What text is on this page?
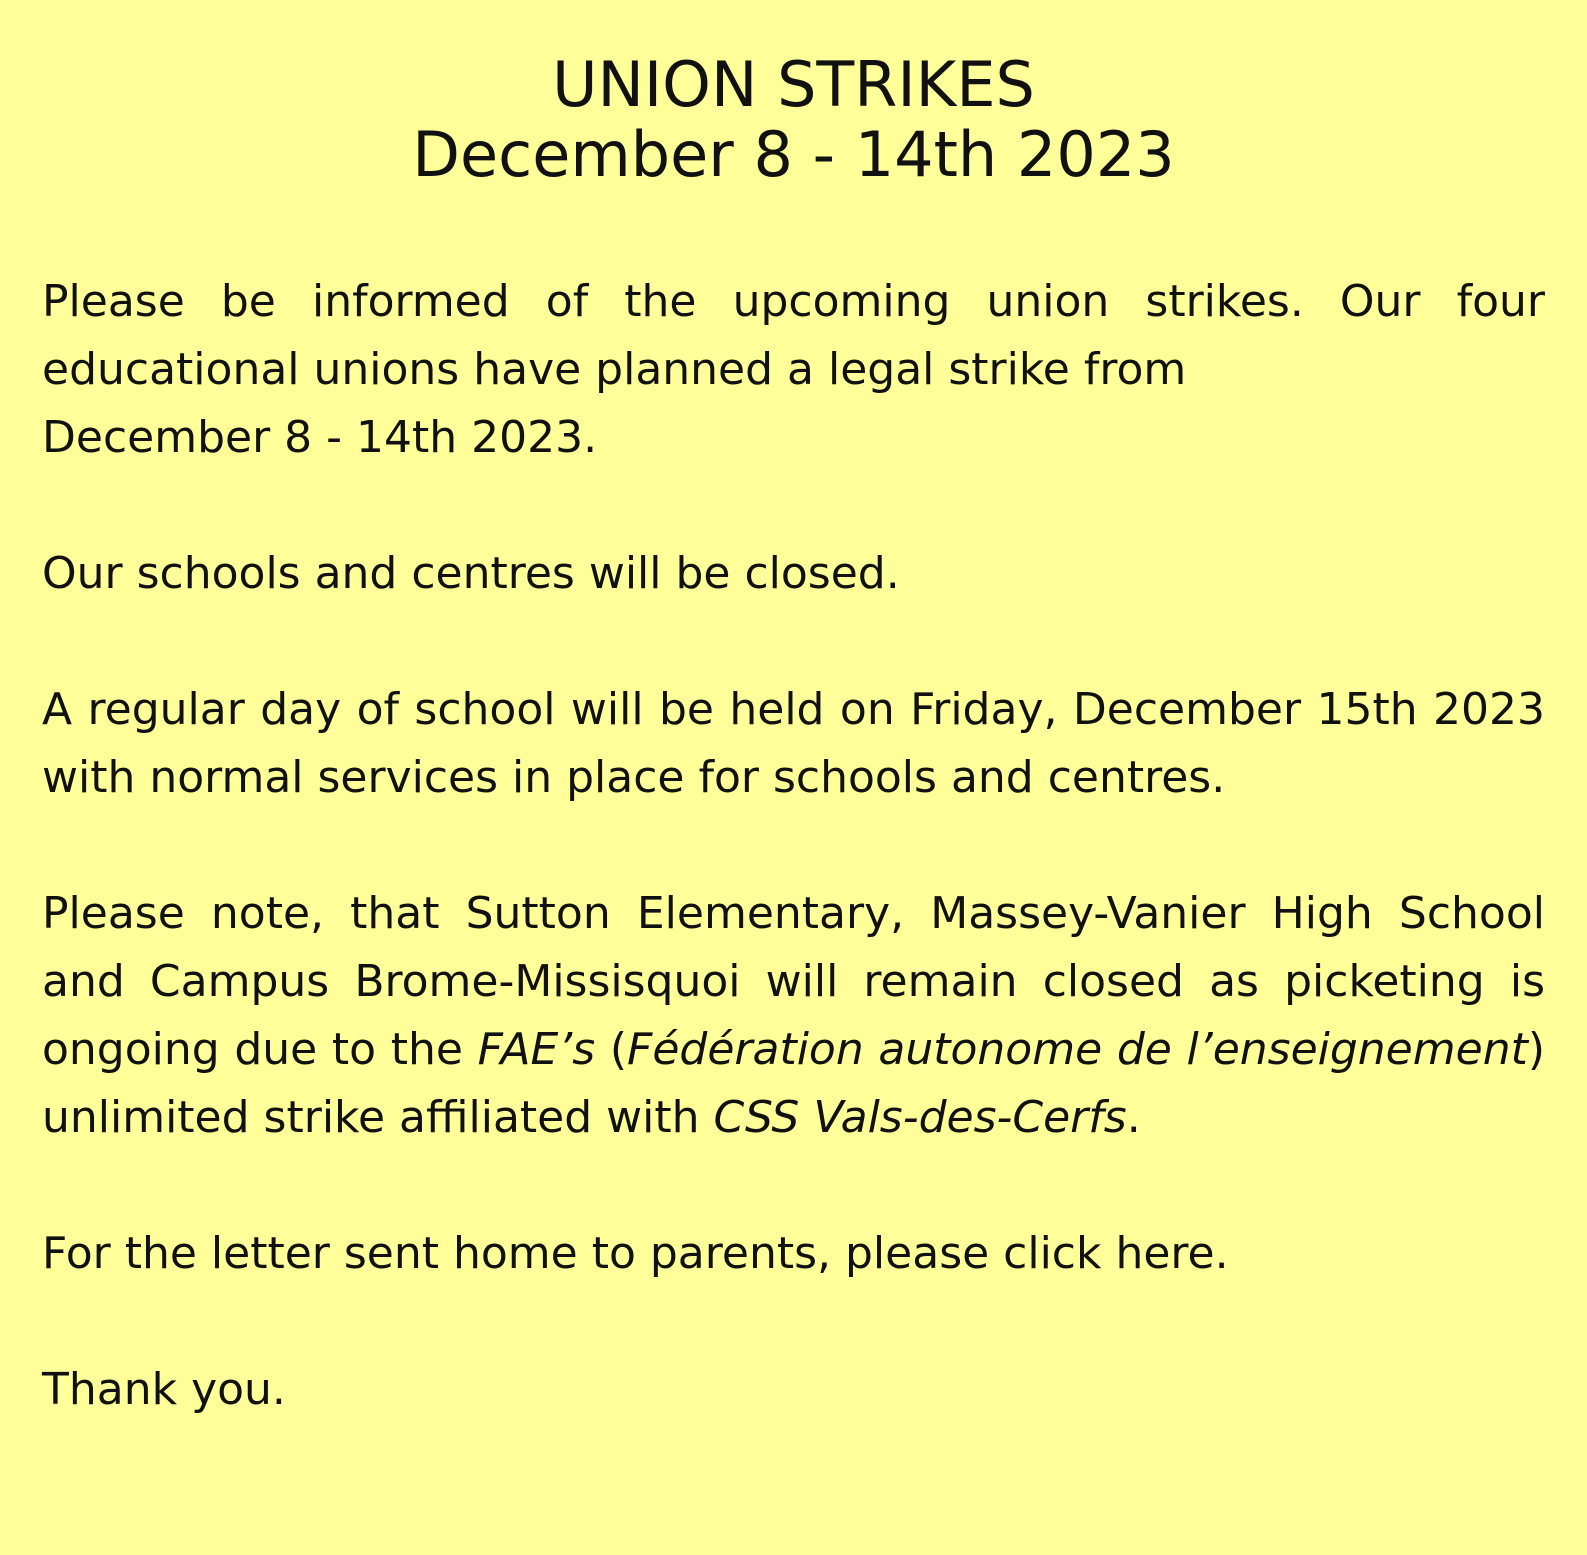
UNION STRIKES
December 8 - 14th 2023

Please be informed of the upcoming union strikes. Our four educational unions have planned a legal strike from

December 8 - 14th 2023.

Our schools and centres will be closed.

A regular day of school will be held on Friday, December 15th 2023 with normal services in place for schools and centres.

Please note, that Sutton Elementary, Massey-Vanier High School and Campus Brome-Missisquoi will remain closed as picketing is ongoing due to the FAE’s (Fédération autonome de l’enseignement) unlimited strike affiliated with CSS Vals-des-Cerfs.

For the letter sent home to parents, please click here.

Thank you.
